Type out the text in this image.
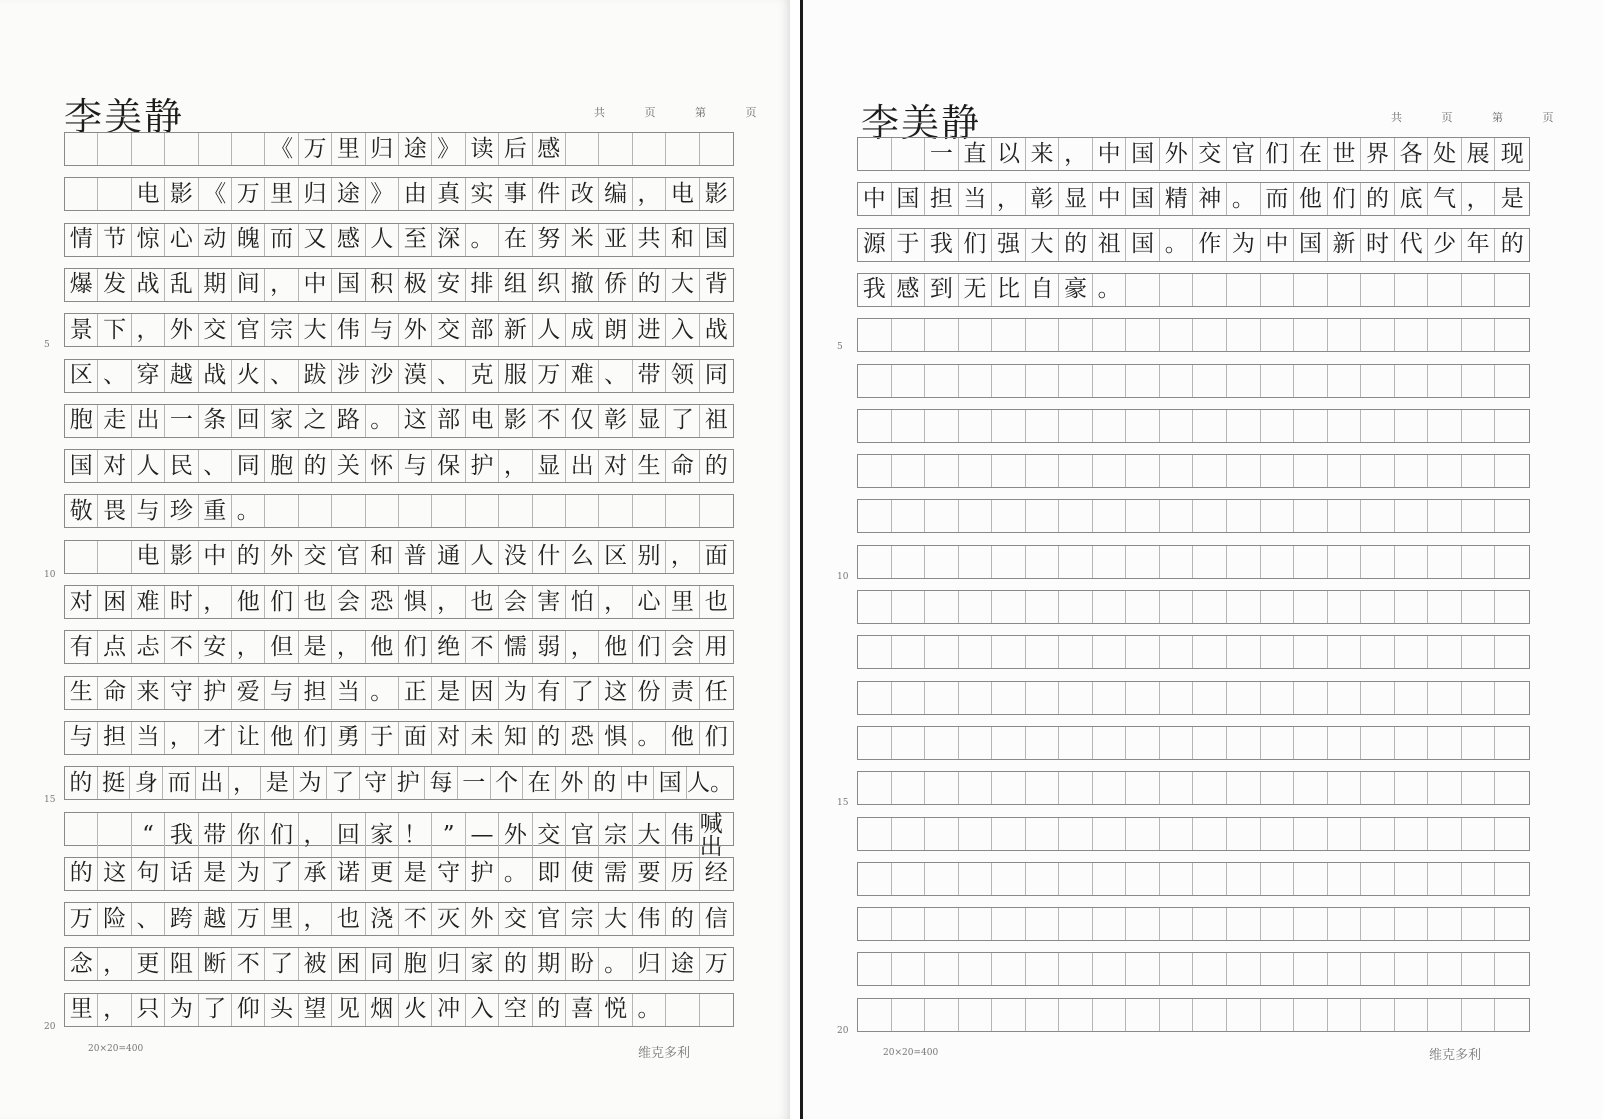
李美静	共 页 第 页
《 万 里 归 途 》 读 后 感
电 影 《 万 里 归 途 》 由 真 实 事 件 改 编 ， 电 影
情 节 惊 心 动 魄 而 又 感 人 至 深 。 在 努 米 亚 共 和 国
爆 发 战 乱 期 间 ， 中 国 积 极 安 排 组 织 撤 侨 的 大 背
景 下 ， 外 交 官 宗 大 伟 与 外 交 部 新 人 成 朗 进 入 战
区 、 穿 越 战 火 、 跋 涉 沙 漠 、 克 服 万 难 、 带 领 同
胞 走 出 一 条 回 家 之 路 。 这 部 电 影 不 仅 彰 显 了 祖
国 对 人 民 、 同 胞 的 关 怀 与 保 护 ， 显 出 对 生 命 的
敬 畏 与 珍 重 。
电 影 中 的 外 交 官 和 普 通 人 没 什 么 区 别 ， 面
对 困 难 时 ， 他 们 也 会 恐 惧 ， 也 会 害 怕 ， 心 里 也
有 点 忐 不 安 ， 但 是 ， 他 们 绝 不 懦 弱 ， 他 们 会 用
生 命 来 守 护 爱 与 担 当 。 正 是 因 为 有 了 这 份 责 任
与 担 当 ， 才 让 他 们 勇 于 面 对 未 知 的 恐 惧 。 他 们
的 挺 身 而 出 ， 是 为 了 守 护 每 一 个 在 外 的 中 国 人。
“ 我 带 你 们 ， 回 家 ！ ” — 外 交 官 宗 大 伟 喊出
的 这 句 话 是 为 了 承 诺 更 是 守 护 。 即 使 需 要 历 经
万 险 、 跨 越 万 里 ， 也 浇 不 灭 外 交 官 宗 大 伟 的 信
念 ， 更 阻 断 不 了 被 困 同 胞 归 家 的 期 盼 。 归 途 万
里 ， 只 为 了 仰 头 望 见 烟 火 冲 入 空 的 喜 悦 。
5
10
15
20
20×20=400	维克多利
李美静	共 页 第 页
一 直 以 来 ， 中 国 外 交 官 们 在 世 界 各 处 展 现
中 国 担 当 ， 彰 显 中 国 精 神 。 而 他 们 的 底 气 ， 是
源 于 我 们 强 大 的 祖 国 。 作 为 中 国 新 时 代 少 年 的
我 感 到 无 比 自 豪 。
5
10
15
20
20×20=400	维克多利
